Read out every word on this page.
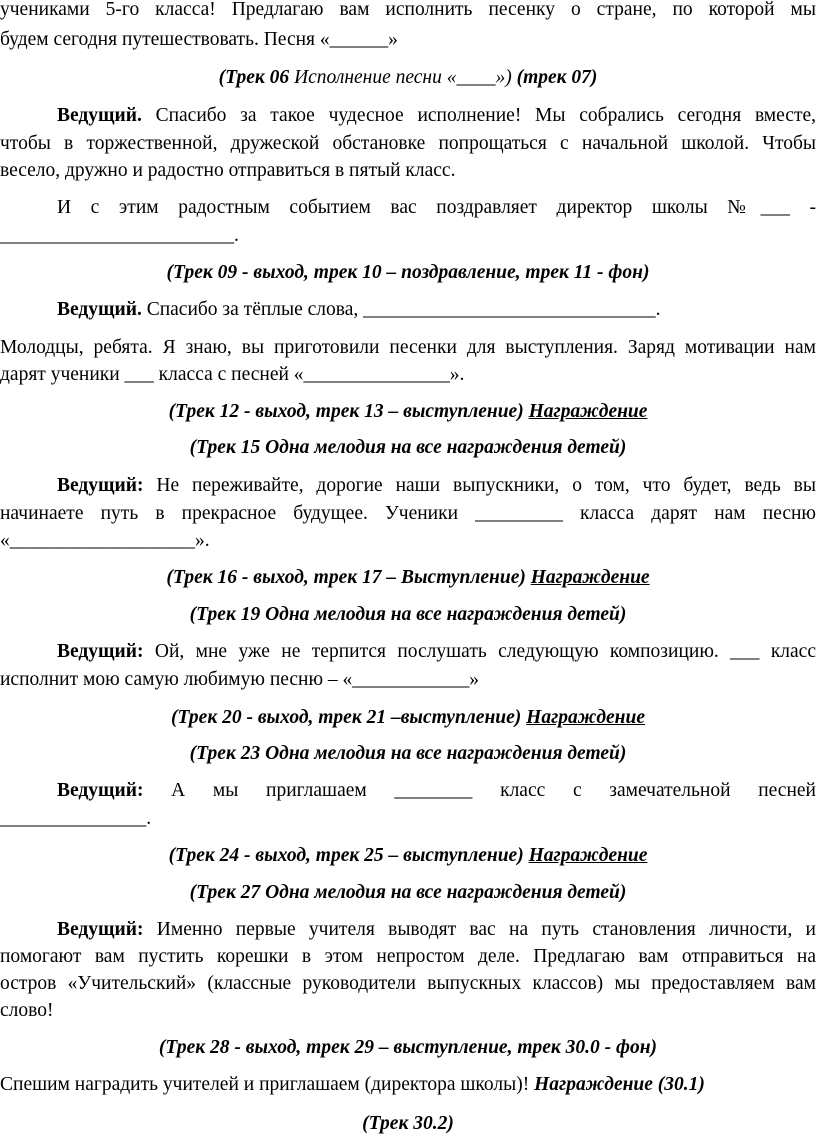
учениками 5-го класса! Предлагаю вам исполнить песенку о стране, по которой мы
будем сегодня путешествовать. Песня «______»
(Трек 06 Исполнение песни «____») (трек 07)
Ведущий. Спасибо за такое чудесное исполнение! Мы собрались сегодня вместе,
чтобы в торжественной, дружеской обстановке попрощаться с начальной школой. Чтобы
весело, дружно и радостно отправиться в пятый класс.
И с этим радостным событием вас поздравляет директор школы №___ -
________________________.
(Трек 09 - выход, трек 10 – поздравление, трек 11 - фон)
Ведущий. Спасибо за тёплые слова, ______________________________.
Молодцы, ребята. Я знаю, вы приготовили песенки для выступления. Заряд мотивации нам
дарят ученики ___ класса с песней «_______________».
(Трек 12 - выход, трек 13 – выступление) Награждение
(Трек 15 Одна мелодия на все награждения детей)
Ведущий: Не переживайте, дорогие наши выпускники, о том, что будет, ведь вы
начинаете путь в прекрасное будущее. Ученики _________ класса дарят нам песню
«___________________».
(Трек 16 - выход, трек 17 – Выступление) Награждение
(Трек 19 Одна мелодия на все награждения детей)
Ведущий: Ой, мне уже не терпится послушать следующую композицию. ___ класс
исполнит мою самую любимую песню – «____________»
(Трек 20 - выход, трек 21 –выступление) Награждение
(Трек 23 Одна мелодия на все награждения детей)
Ведущий: А мы приглашаем ________ класс с замечательной песней
_______________.
(Трек 24 - выход, трек 25 – выступление) Награждение
(Трек 27 Одна мелодия на все награждения детей)
Ведущий: Именно первые учителя выводят вас на путь становления личности, и
помогают вам пустить корешки в этом непростом деле. Предлагаю вам отправиться на
остров «Учительский» (классные руководители выпускных классов) мы предоставляем вам
слово!
(Трек 28 - выход, трек 29 – выступление, трек 30.0 - фон)
Спешим наградить учителей и приглашаем (директора школы)! Награждение (30.1)
(Трек 30.2)
